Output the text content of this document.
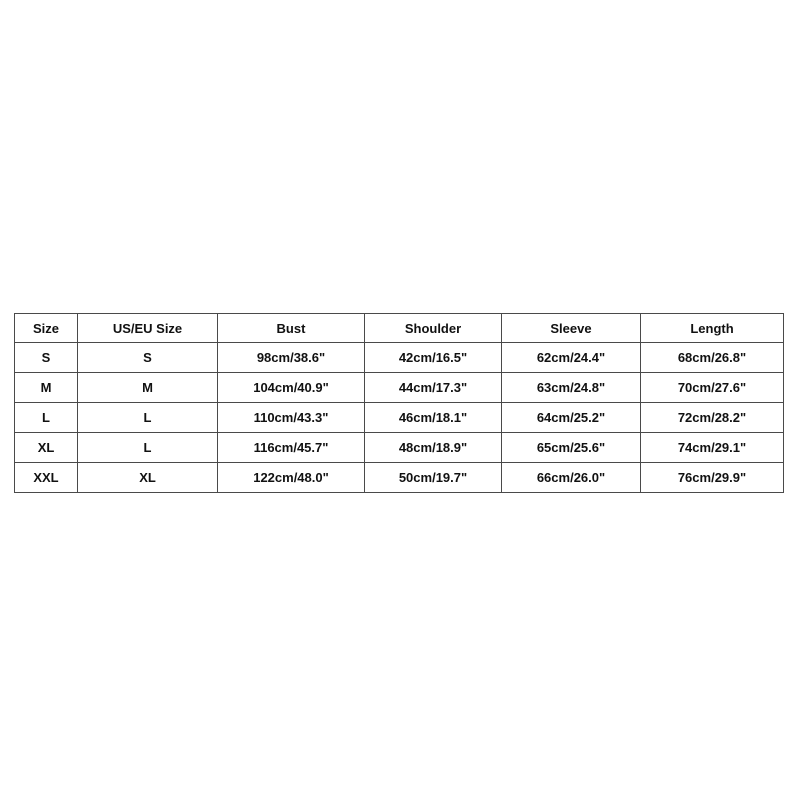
Size	US/EU Size	Bust	Shoulder	Sleeve	Length
S	S	98cm/38.6"	42cm/16.5"	62cm/24.4"	68cm/26.8"
M	M	104cm/40.9"	44cm/17.3"	63cm/24.8"	70cm/27.6"
L	L	110cm/43.3"	46cm/18.1"	64cm/25.2"	72cm/28.2"
XL	L	116cm/45.7"	48cm/18.9"	65cm/25.6"	74cm/29.1"
XXL	XL	122cm/48.0"	50cm/19.7"	66cm/26.0"	76cm/29.9"
